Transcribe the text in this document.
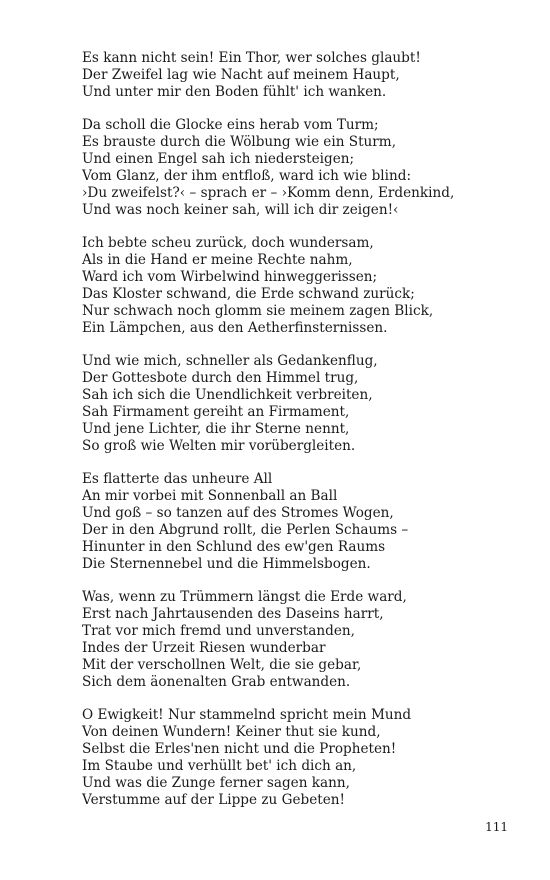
Es kann nicht sein! Ein Thor, wer solches glaubt!
Der Zweifel lag wie Nacht auf meinem Haupt,
Und unter mir den Boden fühlt' ich wanken.
Da scholl die Glocke eins herab vom Turm;
Es brauste durch die Wölbung wie ein Sturm,
Und einen Engel sah ich niedersteigen;
Vom Glanz, der ihm entfloß, ward ich wie blind:
›Du zweifelst?‹ – sprach er – ›Komm denn, Erdenkind,
Und was noch keiner sah, will ich dir zeigen!‹
Ich bebte scheu zurück, doch wundersam,
Als in die Hand er meine Rechte nahm,
Ward ich vom Wirbelwind hinweggerissen;
Das Kloster schwand, die Erde schwand zurück;
Nur schwach noch glomm sie meinem zagen Blick,
Ein Lämpchen, aus den Aetherfinsternissen.
Und wie mich, schneller als Gedankenflug,
Der Gottesbote durch den Himmel trug,
Sah ich sich die Unendlichkeit verbreiten,
Sah Firmament gereiht an Firmament,
Und jene Lichter, die ihr Sterne nennt,
So groß wie Welten mir vorübergleiten.
Es flatterte das unheure All
An mir vorbei mit Sonnenball an Ball
Und goß – so tanzen auf des Stromes Wogen,
Der in den Abgrund rollt, die Perlen Schaums –
Hinunter in den Schlund des ew'gen Raums
Die Sternennebel und die Himmelsbogen.
Was, wenn zu Trümmern längst die Erde ward,
Erst nach Jahrtausenden des Daseins harrt,
Trat vor mich fremd und unverstanden,
Indes der Urzeit Riesen wunderbar
Mit der verschollnen Welt, die sie gebar,
Sich dem äonenalten Grab entwanden.
O Ewigkeit! Nur stammelnd spricht mein Mund
Von deinen Wundern! Keiner thut sie kund,
Selbst die Erles'nen nicht und die Propheten!
Im Staube und verhüllt bet' ich dich an,
Und was die Zunge ferner sagen kann,
Verstumme auf der Lippe zu Gebeten!
111
